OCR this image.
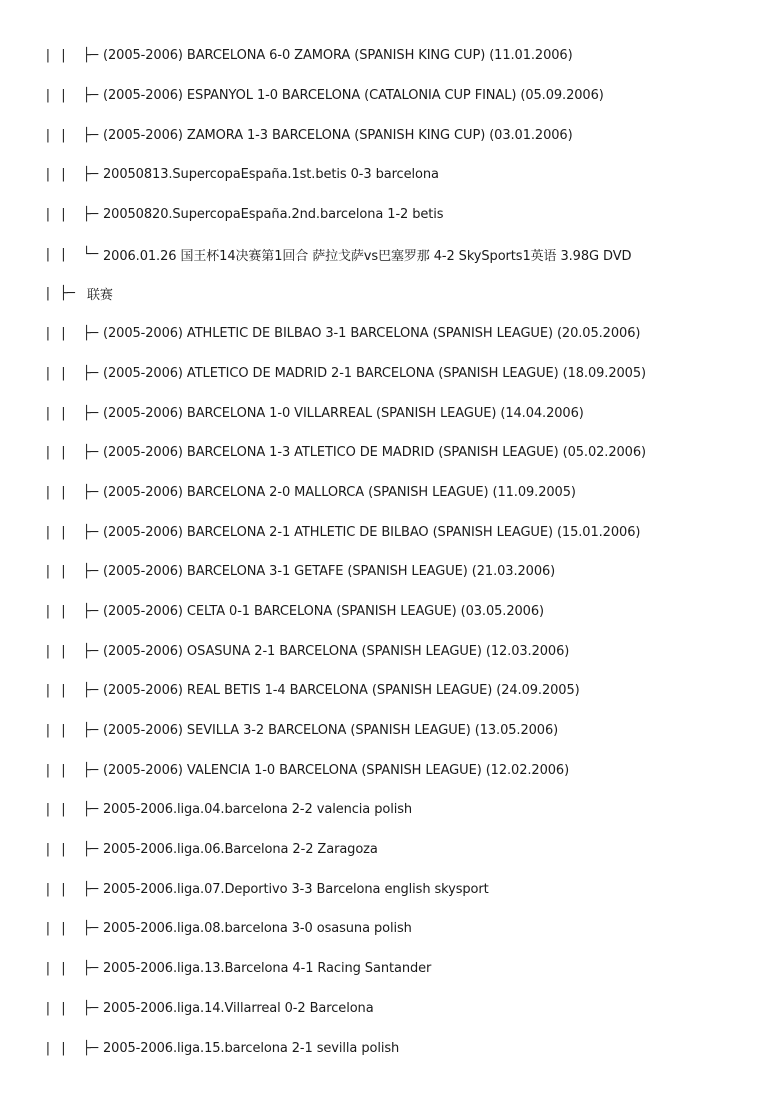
| |  ├─ (2005-2006) BARCELONA 6-0 ZAMORA (SPANISH KING CUP) (11.01.2006)
| |  ├─ (2005-2006) ESPANYOL 1-0 BARCELONA (CATALONIA CUP FINAL) (05.09.2006)
| |  ├─ (2005-2006) ZAMORA 1-3 BARCELONA (SPANISH KING CUP) (03.01.2006)
| |  ├─ 20050813.SupercopaEspaña.1st.betis 0-3 barcelona
| |  ├─ 20050820.SupercopaEspaña.2nd.barcelona 1-2 betis
| |  └─ 2006.01.26 国王杯14决赛第1回合 萨拉戈萨vs巴塞罗那 4-2 SkySports1英语 3.98G DVD
| ├─ 联赛
| |  ├─ (2005-2006) ATHLETIC DE BILBAO 3-1 BARCELONA (SPANISH LEAGUE) (20.05.2006)
| |  ├─ (2005-2006) ATLETICO DE MADRID 2-1 BARCELONA (SPANISH LEAGUE) (18.09.2005)
| |  ├─ (2005-2006) BARCELONA 1-0 VILLARREAL (SPANISH LEAGUE) (14.04.2006)
| |  ├─ (2005-2006) BARCELONA 1-3 ATLETICO DE MADRID (SPANISH LEAGUE) (05.02.2006)
| |  ├─ (2005-2006) BARCELONA 2-0 MALLORCA (SPANISH LEAGUE) (11.09.2005)
| |  ├─ (2005-2006) BARCELONA 2-1 ATHLETIC DE BILBAO (SPANISH LEAGUE) (15.01.2006)
| |  ├─ (2005-2006) BARCELONA 3-1 GETAFE (SPANISH LEAGUE) (21.03.2006)
| |  ├─ (2005-2006) CELTA 0-1 BARCELONA (SPANISH LEAGUE) (03.05.2006)
| |  ├─ (2005-2006) OSASUNA 2-1 BARCELONA (SPANISH LEAGUE) (12.03.2006)
| |  ├─ (2005-2006) REAL BETIS 1-4 BARCELONA (SPANISH LEAGUE) (24.09.2005)
| |  ├─ (2005-2006) SEVILLA 3-2 BARCELONA (SPANISH LEAGUE) (13.05.2006)
| |  ├─ (2005-2006) VALENCIA 1-0 BARCELONA (SPANISH LEAGUE) (12.02.2006)
| |  ├─ 2005-2006.liga.04.barcelona 2-2 valencia polish
| |  ├─ 2005-2006.liga.06.Barcelona 2-2 Zaragoza
| |  ├─ 2005-2006.liga.07.Deportivo 3-3 Barcelona english skysport
| |  ├─ 2005-2006.liga.08.barcelona 3-0 osasuna polish
| |  ├─ 2005-2006.liga.13.Barcelona 4-1 Racing Santander
| |  ├─ 2005-2006.liga.14.Villarreal 0-2 Barcelona
| |  ├─ 2005-2006.liga.15.barcelona 2-1 sevilla polish
